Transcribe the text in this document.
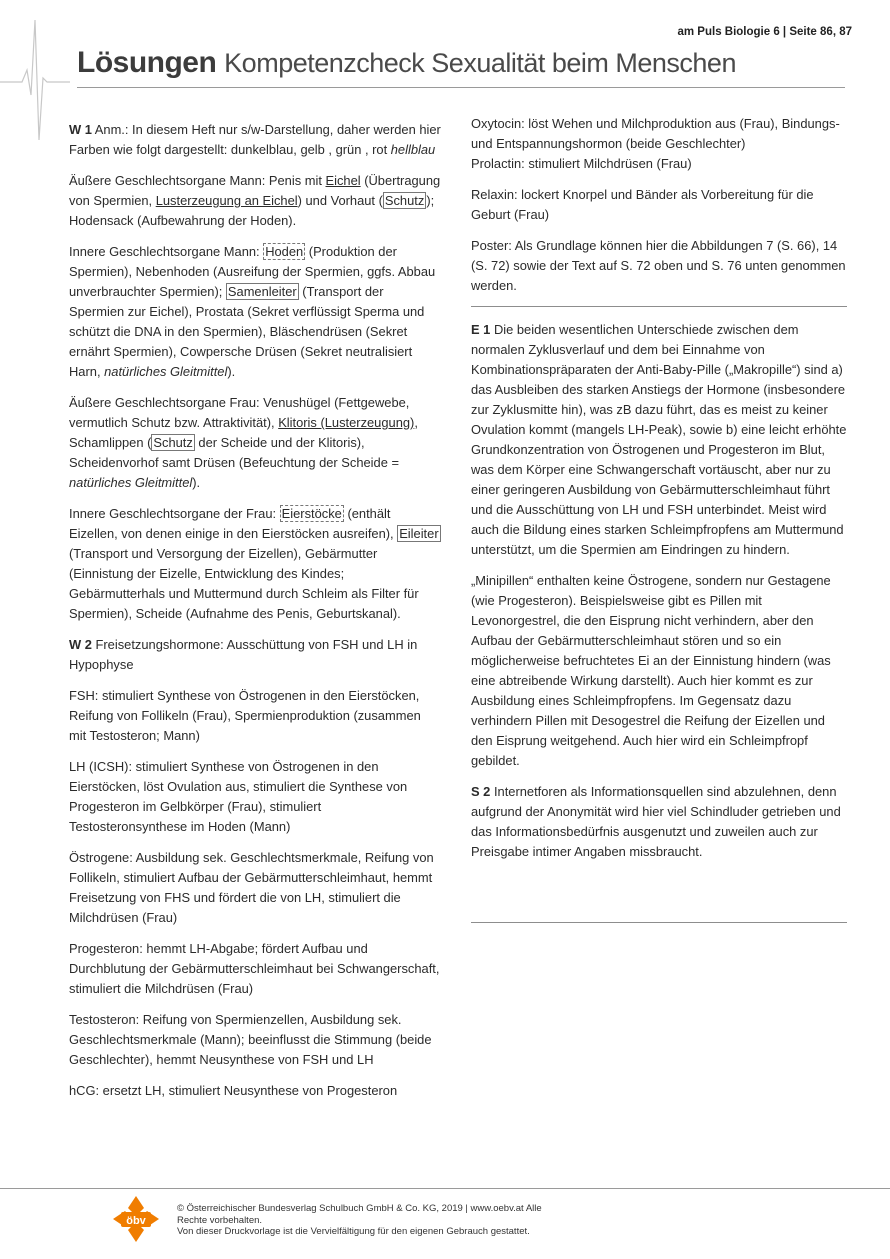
am Puls Biologie 6 | Seite 86, 87
Lösungen Kompetenzcheck Sexualität beim Menschen

W 1 Anm.: In diesem Heft nur s/w-Darstellung, daher werden hier Farben wie folgt dargestellt: dunkelblau, gelb , grün , rot hellblau

Äußere Geschlechtsorgane Mann: Penis mit Eichel (Übertragung von Spermien, Lusterzeugung an Eichel) und Vorhaut ( Schutz ); Hodensack (Aufbewahrung der Hoden).

Innere Geschlechtsorgane Mann: Hoden (Produktion der Spermien), Nebenhoden (Ausreifung der Spermien, ggfs. Abbau unverbrauchter Spermien); Samenleiter (Transport der Spermien zur Eichel), Prostata (Sekret verflüssigt Sperma und schützt die DNA in den Spermien), Bläschendrüsen (Sekret ernährt Spermien), Cowpersche Drüsen (Sekret neutralisiert Harn, natürliches Gleitmittel).

Äußere Geschlechtsorgane Frau: Venushügel (Fettgewebe, vermutlich Schutz bzw. Attraktivität), Klitoris (Lusterzeugung), Schamlippen ( Schutz der Scheide und der Klitoris), Scheidenvorhof samt Drüsen (Befeuchtung der Scheide = natürliches Gleitmittel).

Innere Geschlechtsorgane der Frau: Eierstöcke (enthält Eizellen, von denen einige in den Eierstöcken ausreifen), Eileiter (Transport und Versorgung der Eizellen), Gebärmutter (Einnistung der Eizelle, Entwicklung des Kindes; Gebärmutterhals und Muttermund durch Schleim als Filter für Spermien), Scheide (Aufnahme des Penis, Geburtskanal).

W 2 Freisetzungshormone: Ausschüttung von FSH und LH in Hypophyse

FSH: stimuliert Synthese von Östrogenen in den Eierstöcken, Reifung von Follikeln (Frau), Spermienproduktion (zusammen mit Testosteron; Mann)

LH (ICSH): stimuliert Synthese von Östrogenen in den Eierstöcken, löst Ovulation aus, stimuliert die Synthese von Progesteron im Gelbkörper (Frau), stimuliert Testosteronsynthese im Hoden (Mann)

Östrogene: Ausbildung sek. Geschlechtsmerkmale, Reifung von Follikeln, stimuliert Aufbau der Gebärmutterschleimhaut, hemmt Freisetzung von FHS und fördert die von LH, stimuliert die Milchdrüsen (Frau)

Progesteron: hemmt LH-Abgabe; fördert Aufbau und Durchblutung der Gebärmutterschleimhaut bei Schwangerschaft, stimuliert die Milchdrüsen (Frau)

Testosteron: Reifung von Spermienzellen, Ausbildung sek. Geschlechtsmerkmale (Mann); beeinflusst die Stimmung (beide Geschlechter), hemmt Neusynthese von FSH und LH

hCG: ersetzt LH, stimuliert Neusynthese von Progesteron

Oxytocin: löst Wehen und Milchproduktion aus (Frau), Bindungs- und Entspannungshormon (beide Geschlechter)
Prolactin: stimuliert Milchdrüsen (Frau)

Relaxin: lockert Knorpel und Bänder als Vorbereitung für die Geburt (Frau)

Poster: Als Grundlage können hier die Abbildungen 7 (S. 66), 14 (S. 72) sowie der Text auf S. 72 oben und S. 76 unten genommen werden.

E 1 Die beiden wesentlichen Unterschiede zwischen dem normalen Zyklusverlauf und dem bei Einnahme von Kombinationspräparaten der Anti-Baby-Pille („Makropille“) sind a) das Ausbleiben des starken Anstiegs der Hormone (insbesondere zur Zyklusmitte hin), was zB dazu führt, das es meist zu keiner Ovulation kommt (mangels LH-Peak), sowie b) eine leicht erhöhte Grundkonzentration von Östrogenen und Progesteron im Blut, was dem Körper eine Schwangerschaft vortäuscht, aber nur zu einer geringeren Ausbildung von Gebärmutterschleimhaut führt und die Ausschüttung von LH und FSH unterbindet. Meist wird auch die Bildung eines starken Schleimpfropfens am Muttermund unterstützt, um die Spermien am Eindringen zu hindern.

„Minipillen“ enthalten keine Östrogene, sondern nur Gestagene (wie Progesteron). Beispielsweise gibt es Pillen mit Levonorgestrel, die den Eisprung nicht verhindern, aber den Aufbau der Gebärmutterschleimhaut stören und so ein möglicherweise befruchtetes Ei an der Einnistung hindern (was eine abtreibende Wirkung darstellt). Auch hier kommt es zur Ausbildung eines Schleimpfropfens. Im Gegensatz dazu verhindern Pillen mit Desogestrel die Reifung der Eizellen und den Eisprung weitgehend. Auch hier wird ein Schleimpfropf gebildet.

S 2 Internetforen als Informationsquellen sind abzulehnen, denn aufgrund der Anonymität wird hier viel Schindluder getrieben und das Informationsbedürfnis ausgenutzt und zuweilen auch zur Preisgabe intimer Angaben missbraucht.

öbv
© Österreichischer Bundesverlag Schulbuch GmbH & Co. KG, 2019 | www.oebv.at Alle
Rechte vorbehalten.
Von dieser Druckvorlage ist die Vervielfältigung für den eigenen Gebrauch gestattet.
